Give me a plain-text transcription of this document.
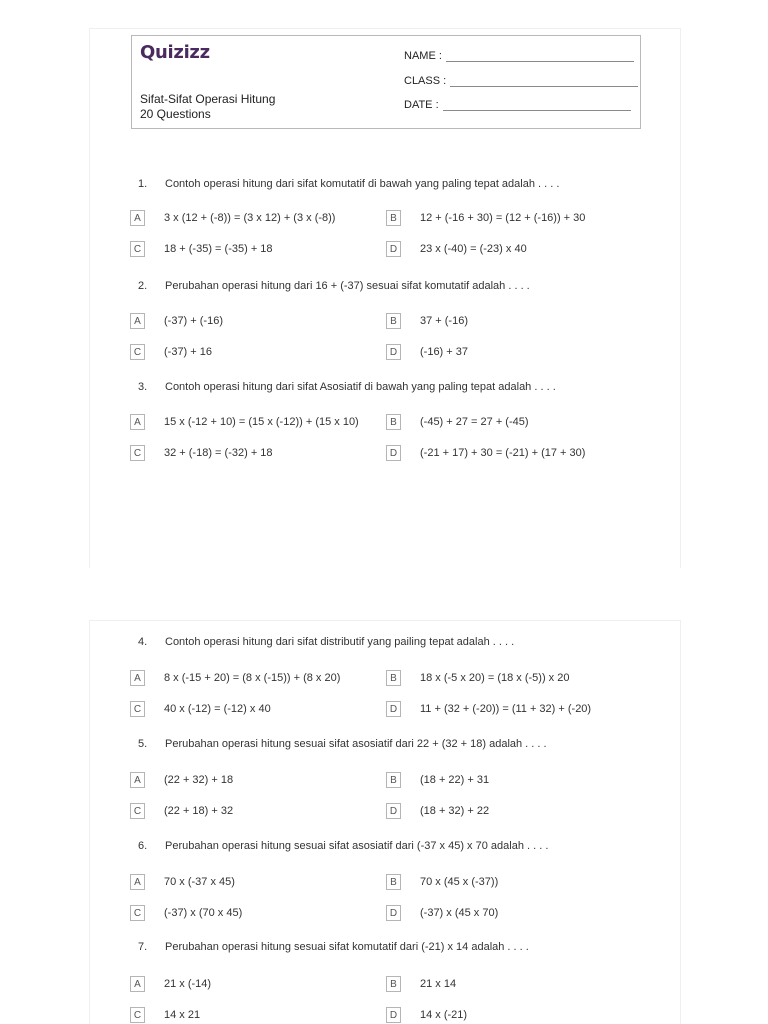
Quizizz
Sifat-Sifat Operasi Hitung
20 Questions
NAME :
CLASS :
DATE :
1.	Contoh operasi hitung dari sifat komutatif di bawah yang paling tepat adalah . . . .
A	3 x (12 + (-8)) = (3 x 12) + (3 x (-8))	B	12 + (-16 + 30) = (12 + (-16)) + 30
C	18 + (-35) = (-35) + 18	D	23 x (-40) = (-23) x 40
2.	Perubahan operasi hitung dari 16 + (-37) sesuai sifat komutatif adalah . . . .
A	(-37) + (-16)	B	37 + (-16)
C	(-37) + 16	D	(-16) + 37
3.	Contoh operasi hitung dari sifat Asosiatif di bawah yang paling tepat adalah . . . .
A	15 x (-12 + 10) = (15 x (-12)) + (15 x 10)	B	(-45) + 27 = 27 + (-45)
C	32 + (-18) = (-32) + 18	D	(-21 + 17) + 30 = (-21) + (17 + 30)
4.	Contoh operasi hitung dari sifat distributif yang pailing tepat adalah . . . .
A	8 x (-15 + 20) = (8 x (-15)) + (8 x 20)	B	18 x (-5 x 20) = (18 x (-5)) x 20
C	40 x (-12) = (-12) x 40	D	11 + (32 + (-20)) = (11 + 32) + (-20)
5.	Perubahan operasi hitung sesuai sifat asosiatif dari 22 + (32 + 18) adalah . . . .
A	(22 + 32) + 18	B	(18 + 22) + 31
C	(22 + 18) + 32	D	(18 + 32) + 22
6.	Perubahan operasi hitung sesuai sifat asosiatif dari (-37 x 45) x 70 adalah . . . .
A	70 x (-37 x 45)	B	70 x (45 x (-37))
C	(-37) x (70 x 45)	D	(-37) x (45 x 70)
7.	Perubahan operasi hitung sesuai sifat komutatif dari (-21) x 14 adalah . . . .
A	21 x (-14)	B	21 x 14
C	14 x 21	D	14 x (-21)
